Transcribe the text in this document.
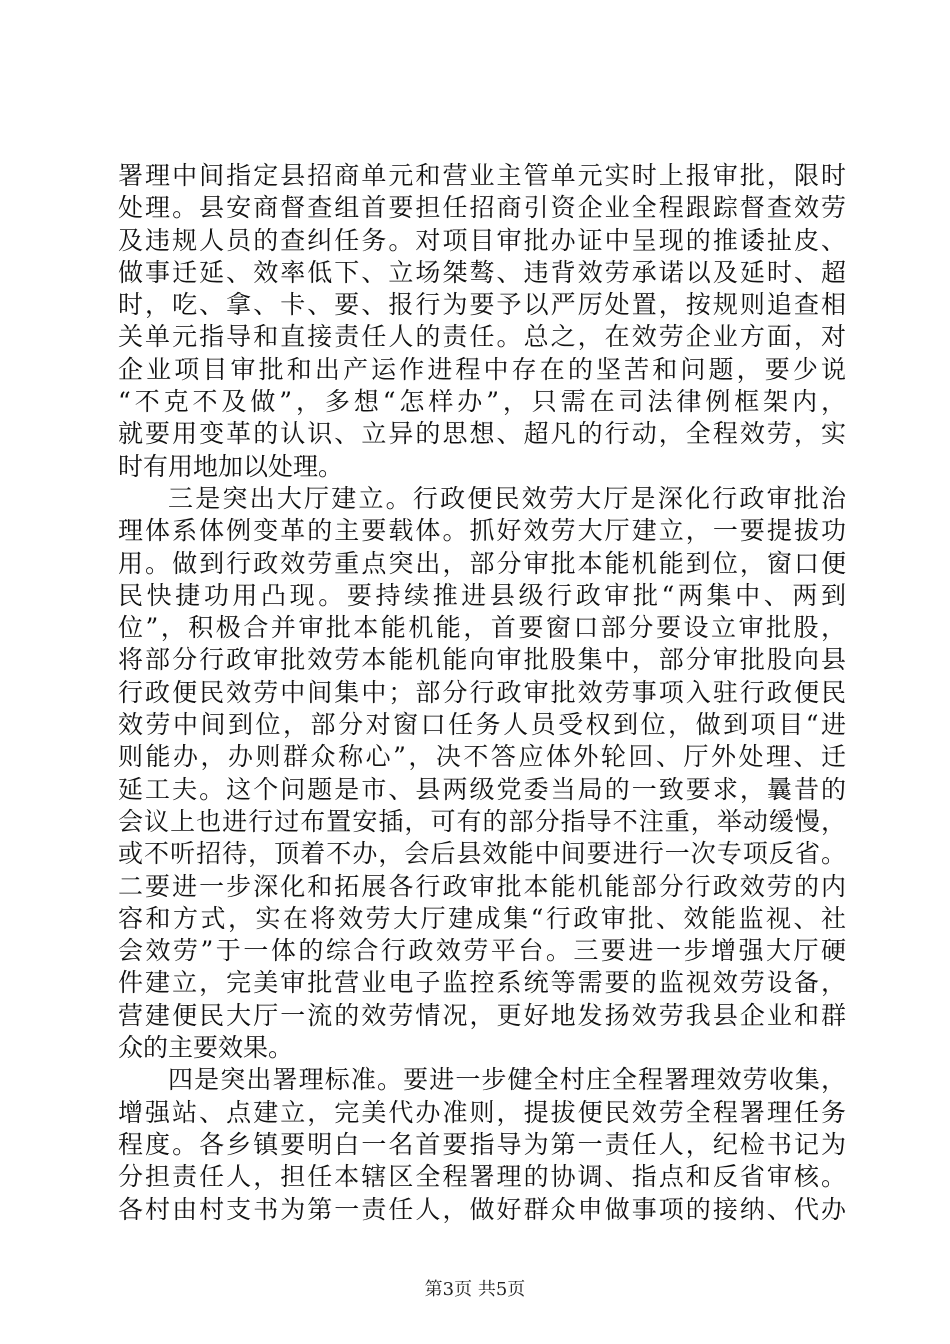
署理中间指定县招商单元和营业主管单元实时上报审批，限时
处理。县安商督查组首要担任招商引资企业全程跟踪督查效劳
及违规人员的查纠任务。对项目审批办证中呈现的推诿扯皮、
做事迁延、效率低下、立场桀骜、违背效劳承诺以及延时、超
时，吃、拿、卡、要、报行为要予以严厉处置，按规则追查相
关单元指导和直接责任人的责任。总之，在效劳企业方面，对
企业项目审批和出产运作进程中存在的坚苦和问题，要少说
“不克不及做”，多想“怎样办”，只需在司法律例框架内，
就要用变革的认识、立异的思想、超凡的行动，全程效劳，实
时有用地加以处理。
三是突出大厅建立。行政便民效劳大厅是深化行政审批治
理体系体例变革的主要载体。抓好效劳大厅建立，一要提拔功
用。做到行政效劳重点突出，部分审批本能机能到位，窗口便
民快捷功用凸现。要持续推进县级行政审批“两集中、两到
位”，积极合并审批本能机能，首要窗口部分要设立审批股，
将部分行政审批效劳本能机能向审批股集中，部分审批股向县
行政便民效劳中间集中；部分行政审批效劳事项入驻行政便民
效劳中间到位，部分对窗口任务人员受权到位，做到项目“进
则能办，办则群众称心”，决不答应体外轮回、厅外处理、迁
延工夫。这个问题是市、县两级党委当局的一致要求，曩昔的
会议上也进行过布置安插，可有的部分指导不注重，举动缓慢，
或不听招待，顶着不办，会后县效能中间要进行一次专项反省。
二要进一步深化和拓展各行政审批本能机能部分行政效劳的内
容和方式，实在将效劳大厅建成集“行政审批、效能监视、社
会效劳”于一体的综合行政效劳平台。三要进一步增强大厅硬
件建立，完美审批营业电子监控系统等需要的监视效劳设备，
营建便民大厅一流的效劳情况，更好地发扬效劳我县企业和群
众的主要效果。
四是突出署理标准。要进一步健全村庄全程署理效劳收集，
增强站、点建立，完美代办准则，提拔便民效劳全程署理任务
程度。各乡镇要明白一名首要指导为第一责任人，纪检书记为
分担责任人，担任本辖区全程署理的协调、指点和反省审核。
各村由村支书为第一责任人，做好群众申做事项的接纳、代办
第3页 共5页
